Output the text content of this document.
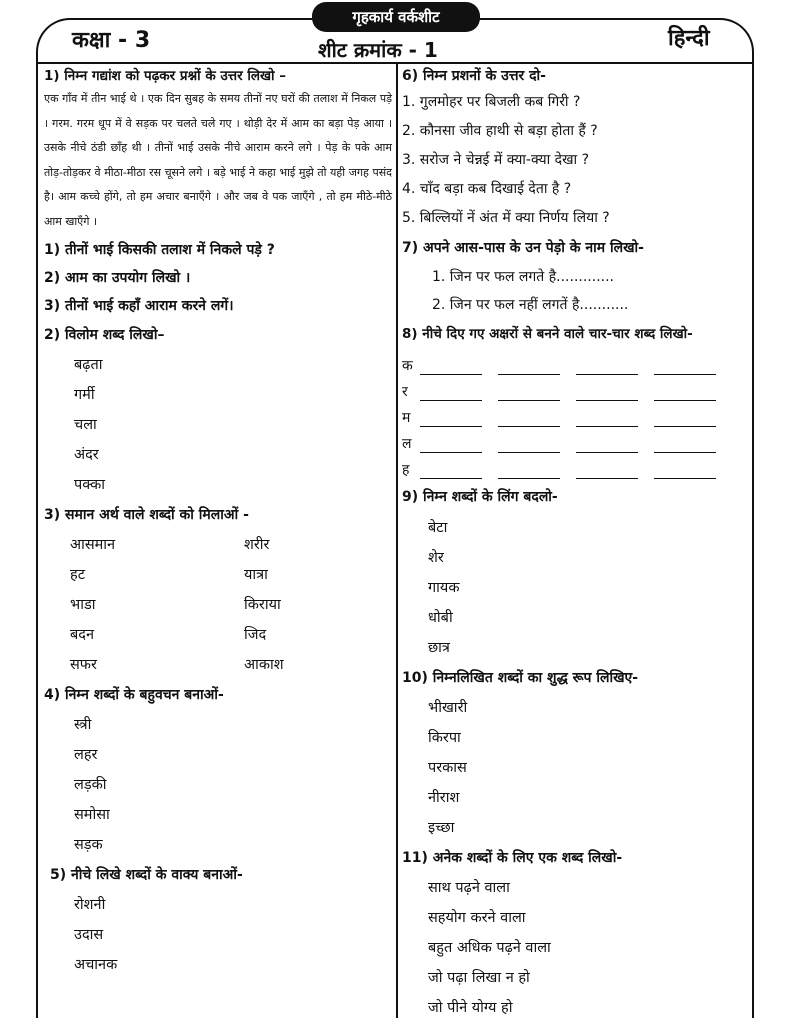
गृहकार्य वर्कशीट
कक्षा - 3	शीट क्रमांक - 1	हिन्दी
1) निम्न गद्यांश को पढ़कर प्रश्नों के उत्तर लिखो –
एक गाँव में तीन भाई थे । एक दिन सुबह के समय तीनों नए घरों की तलाश में निकल पड़े । गरम. गरम धूप में वे सड़क पर चलते चले गए । थोड़ी देर में आम का बड़ा पेड़ आया । उसके नीचे ठंडी छाँह थी । तीनों भाई उसके नीचे आराम करने लगे । पेड़ के पके आम तोड़-तोड़कर वे मीठा-मीठा रस चूसने लगे । बड़े भाई ने कहा भाई मुझे तो यही जगह पसंद है। आम कच्चे होंगे, तो हम अचार बनाएँगे । और जब वे पक जाएँगे , तो हम मीठे-मीठे आम खाएँगे ।
1) तीनों भाई किसकी तलाश में निकले पड़े ?
2) आम का उपयोग लिखो ।
3) तीनों भाई कहाँ आराम करने लगें।
2) विलोम शब्द लिखो–
बढ़ता
गर्मी
चला
अंदर
पक्का
3) समान अर्थ वाले शब्दों को मिलाओं -
आसमान	शरीर
हट	यात्रा
भाडा	किराया
बदन	जिद
सफर	आकाश
4) निम्न शब्दों के बहुवचन बनाओं-
स्त्री
लहर
लड़की
समोसा
सड़क
5) नीचे लिखे शब्दों के वाक्य बनाओं-
रोशनी
उदास
अचानक
6) निम्न प्रशनों के उत्तर दो-
1. गुलमोहर पर बिजली कब गिरी ?
2. कौनसा जीव हाथी से बड़ा होता हैं ?
3. सरोज ने चेन्नई में क्या-क्या देखा ?
4. चाँद बड़ा कब दिखाई देता है ?
5. बिल्लियों नें अंत में क्या निर्णय लिया ?
7) अपने आस-पास के उन पेड़ो के नाम लिखो-
1. जिन पर फल लगते है.............
2. जिन पर फल नहीं लगतें है...........
8) नीचे दिए गए अक्षरों से बनने वाले चार-चार शब्द लिखो-
क
र
म
ल
ह
9) निम्न शब्दों के लिंग बदलो-
बेटा
शेर
गायक
धोबी
छात्र
10) निम्नलिखित शब्दों का शुद्ध रूप लिखिए-
भीखारी
किरपा
परकास
नीराश
इच्छा
11) अनेक शब्दों के लिए एक शब्द लिखो-
साथ पढ़ने वाला
सहयोग करने वाला
बहुत अधिक पढ़ने वाला
जो पढ़ा लिखा न हो
जो पीने योग्य हो
